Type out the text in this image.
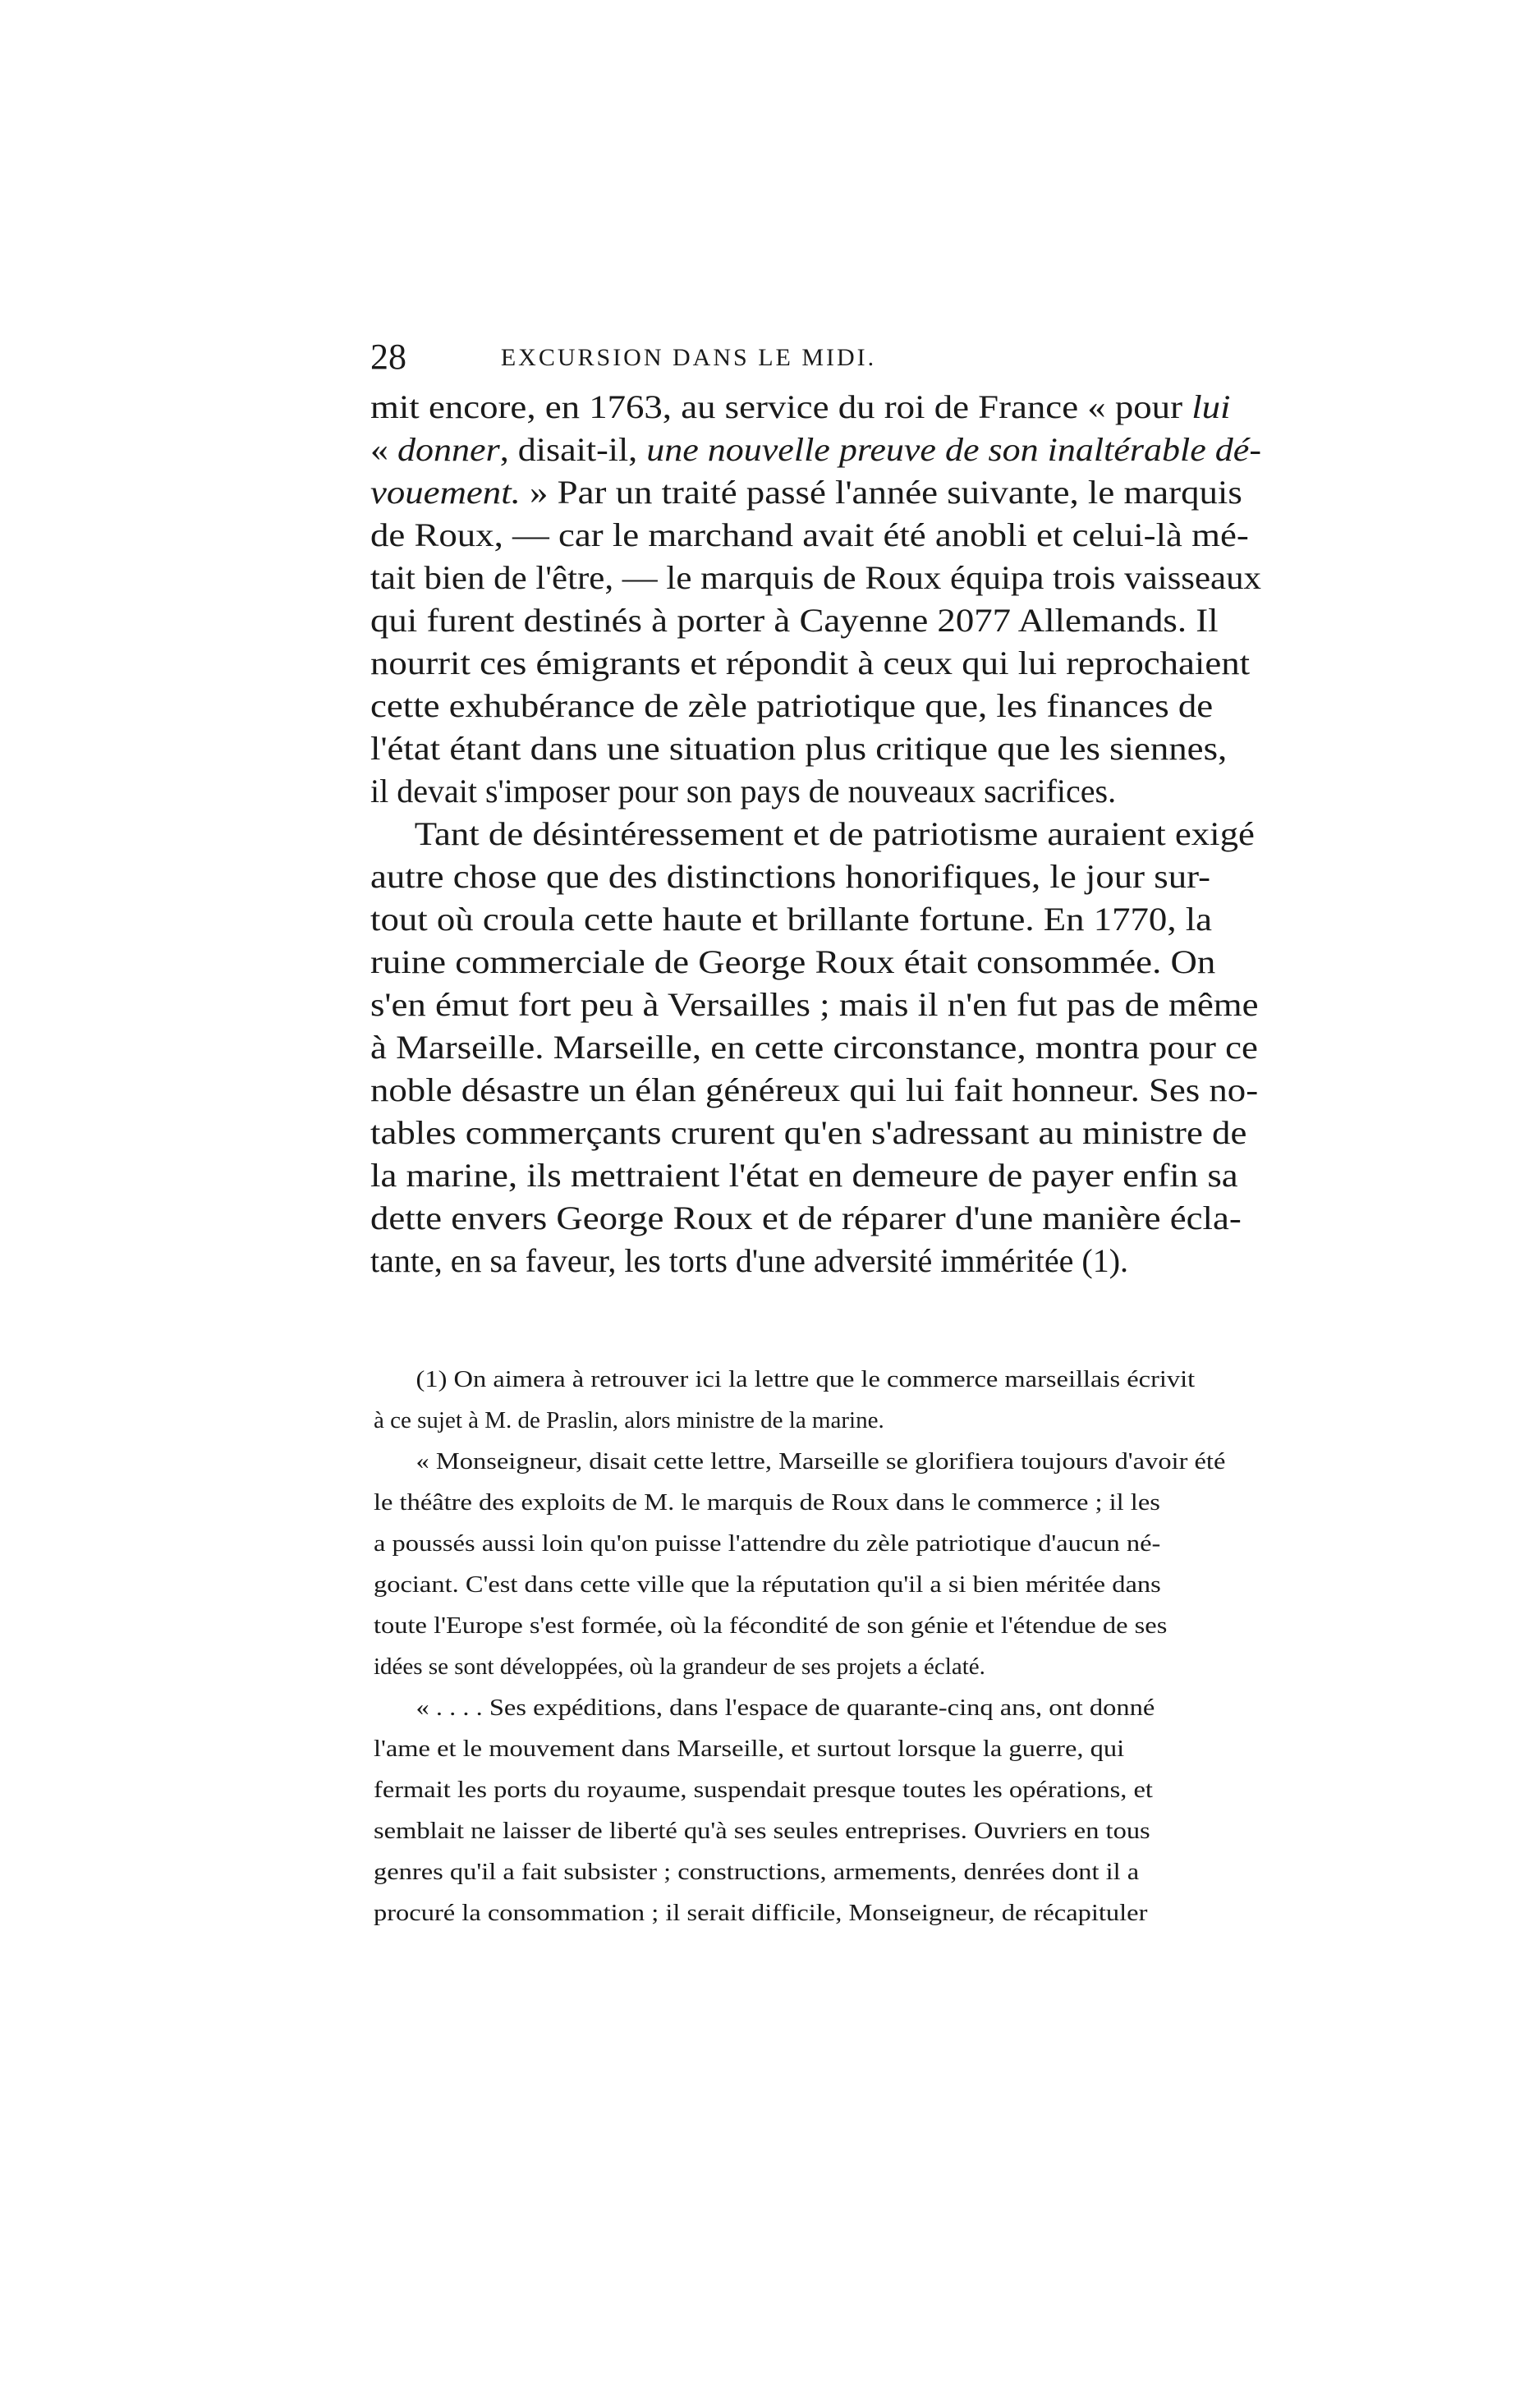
28	EXCURSION DANS LE MIDI.
mit encore, en 1763, au service du roi de France « pour lui
« donner, disait-il, une nouvelle preuve de son inaltérable dé-
vouement. » Par un traité passé l'année suivante, le marquis
de Roux, — car le marchand avait été anobli et celui-là mé-
tait bien de l'être, — le marquis de Roux équipa trois vaisseaux
qui furent destinés à porter à Cayenne 2077 Allemands. Il
nourrit ces émigrants et répondit à ceux qui lui reprochaient
cette exhubérance de zèle patriotique que, les finances de
l'état étant dans une situation plus critique que les siennes,
il devait s'imposer pour son pays de nouveaux sacrifices.
Tant de désintéressement et de patriotisme auraient exigé
autre chose que des distinctions honorifiques, le jour sur-
tout où croula cette haute et brillante fortune. En 1770, la
ruine commerciale de George Roux était consommée. On
s'en émut fort peu à Versailles ; mais il n'en fut pas de même
à Marseille. Marseille, en cette circonstance, montra pour ce
noble désastre un élan généreux qui lui fait honneur. Ses no-
tables commerçants crurent qu'en s'adressant au ministre de
la marine, ils mettraient l'état en demeure de payer enfin sa
dette envers George Roux et de réparer d'une manière écla-
tante, en sa faveur, les torts d'une adversité imméritée (1).
(1) On aimera à retrouver ici la lettre que le commerce marseillais écrivit
à ce sujet à M. de Praslin, alors ministre de la marine.
« Monseigneur, disait cette lettre, Marseille se glorifiera toujours d'avoir été
le théâtre des exploits de M. le marquis de Roux dans le commerce ; il les
a poussés aussi loin qu'on puisse l'attendre du zèle patriotique d'aucun né-
gociant. C'est dans cette ville que la réputation qu'il a si bien méritée dans
toute l'Europe s'est formée, où la fécondité de son génie et l'étendue de ses
idées se sont développées, où la grandeur de ses projets a éclaté.
« . . . . Ses expéditions, dans l'espace de quarante-cinq ans, ont donné
l'ame et le mouvement dans Marseille, et surtout lorsque la guerre, qui
fermait les ports du royaume, suspendait presque toutes les opérations, et
semblait ne laisser de liberté qu'à ses seules entreprises. Ouvriers en tous
genres qu'il a fait subsister ; constructions, armements, denrées dont il a
procuré la consommation ; il serait difficile, Monseigneur, de récapituler
